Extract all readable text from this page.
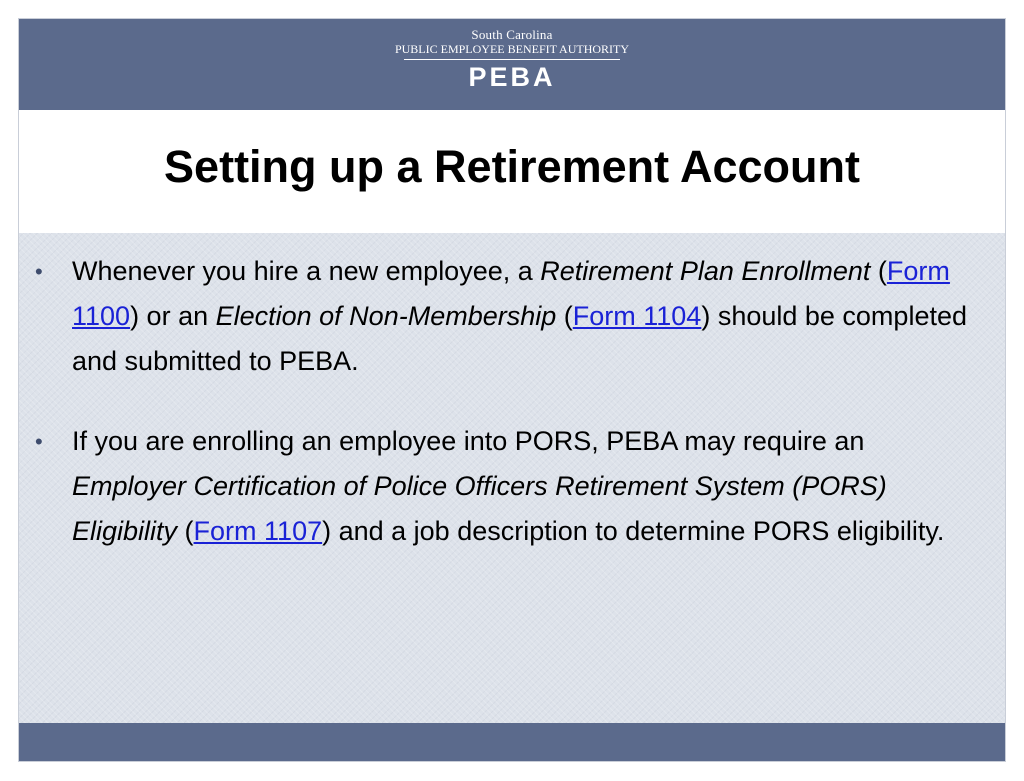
South Carolina
PUBLIC EMPLOYEE BENEFIT AUTHORITY
PEBA
Setting up a Retirement Account
• Whenever you hire a new employee, a Retirement Plan Enrollment (Form 1100) or an Election of Non-Membership (Form 1104) should be completed and submitted to PEBA.
• If you are enrolling an employee into PORS, PEBA may require an Employer Certification of Police Officers Retirement System (PORS) Eligibility (Form 1107) and a job description to determine PORS eligibility.
